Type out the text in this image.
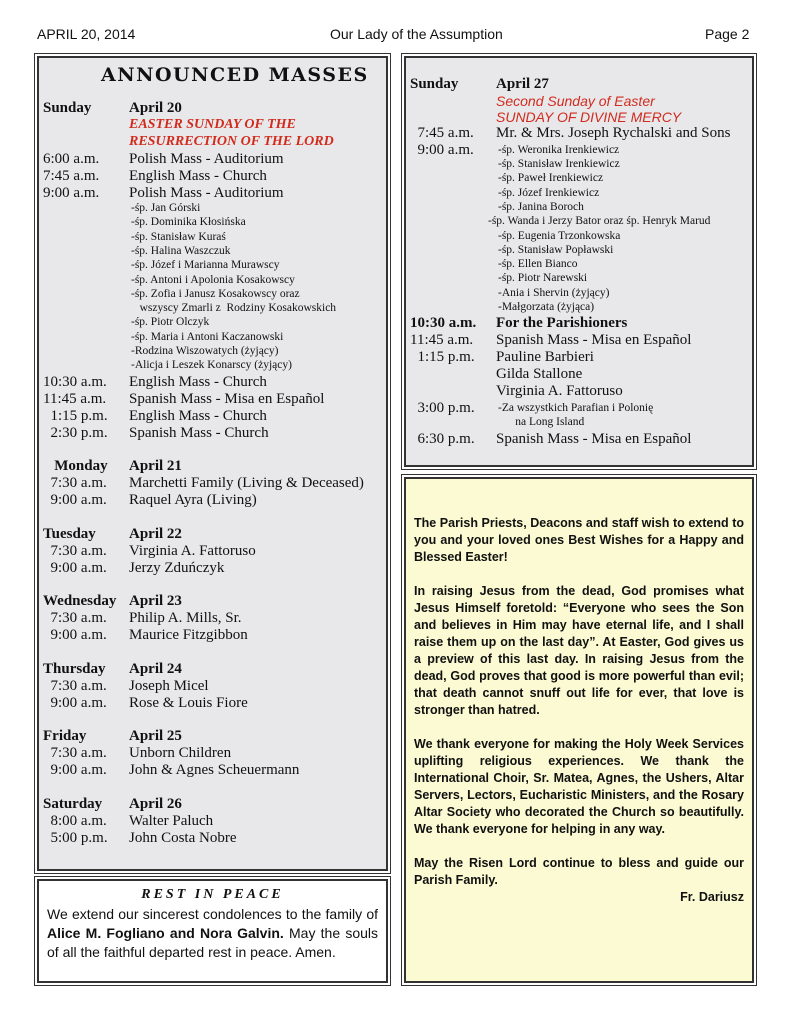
APRIL 20, 2014	Our Lady of the Assumption	Page 2
ANNOUNCED MASSES
Sunday	April 20
EASTER SUNDAY OF THE
RESURRECTION OF THE LORD
6:00 a.m. Polish Mass - Auditorium
7:45 a.m. English Mass - Church
9:00 a.m. Polish Mass - Auditorium
-śp. Jan Górski
-śp. Dominika Kłosińska
-śp. Stanisław Kuraś
-śp. Halina Waszczuk
-śp. Józef i Marianna Murawscy
-śp. Antoni i Apolonia Kosakowscy
-śp. Zofia i Janusz Kosakowscy oraz
wszyscy Zmarli z  Rodziny Kosakowskich
-śp. Piotr Olczyk
-śp. Maria i Antoni Kaczanowski
-Rodzina Wiszowatych (żyjący)
-Alicja i Leszek Konarscy (żyjący)
10:30 a.m. English Mass - Church
11:45 a.m. Spanish Mass - Misa en Español
1:15 p.m. English Mass - Church
2:30 p.m. Spanish Mass - Church
Monday April 21
7:30 a.m. Marchetti Family (Living & Deceased)
9:00 a.m. Raquel Ayra (Living)
Tuesday April 22
7:30 a.m. Virginia A. Fattoruso
9:00 a.m. Jerzy Zduńczyk
Wednesday April 23
7:30 a.m. Philip A. Mills, Sr.
9:00 a.m. Maurice Fitzgibbon
Thursday April 24
7:30 a.m. Joseph Micel
9:00 a.m. Rose & Louis Fiore
Friday	April 25
7:30 a.m. Unborn Children
9:00 a.m. John & Agnes Scheuermann
Saturday April 26
8:00 a.m. Walter Paluch
5:00 p.m. John Costa Nobre
Sunday	April 27
Second Sunday of Easter
SUNDAY OF DIVINE MERCY
7:45 a.m. Mr. & Mrs. Joseph Rychalski and Sons
9:00 a.m. -śp. Weronika Irenkiewicz
-śp. Stanisław Irenkiewicz
-śp. Paweł Irenkiewicz
-śp. Józef Irenkiewicz
-śp. Janina Boroch
-śp. Wanda i Jerzy Bator oraz śp. Henryk Marud
-śp. Eugenia Trzonkowska
-śp. Stanisław Popławski
-śp. Ellen Bianco
-śp. Piotr Narewski
-Ania i Shervin (żyjący)
-Małgorzata (żyjąca)
10:30 a.m. For the Parishioners
11:45 a.m. Spanish Mass - Misa en Español
1:15 p.m. Pauline Barbieri
Gilda Stallone
Virginia A. Fattoruso
3:00 p.m. -Za wszystkich Parafian i Polonię
na Long Island
6:30 p.m. Spanish Mass - Misa en Español
REST IN PEACE
We extend our sincerest condolences to the family of Alice M. Fogliano and Nora Galvin. May the souls of all the faithful departed rest in peace. Amen.

The Parish Priests, Deacons and staff wish to extend to you and your loved ones Best Wishes for a Happy and Blessed Easter!

In raising Jesus from the dead, God promises what Jesus Himself foretold: “Everyone who sees the Son and believes in Him may have eternal life, and I shall raise them up on the last day”. At Easter, God gives us a preview of this last day. In raising Jesus from the dead, God proves that good is more powerful than evil; that death cannot snuff out life for ever, that love is stronger than hatred.

We thank everyone for making the Holy Week Services uplifting religious experiences. We thank the International Choir, Sr. Matea, Agnes, the Ushers, Altar Servers, Lectors, Eucharistic Ministers, and the Rosary Altar Society who decorated the Church so beautifully. We thank everyone for helping in any way.

May the Risen Lord continue to bless and guide our Parish Family.

Fr. Dariusz
